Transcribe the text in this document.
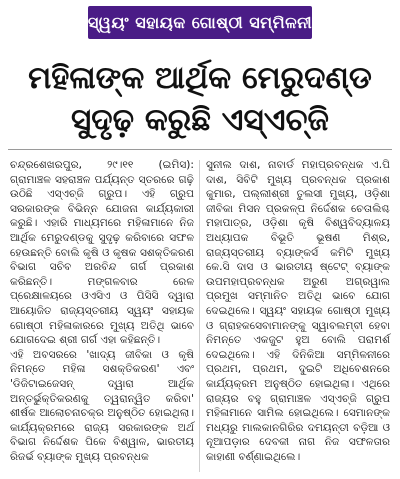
ସ୍ୱୟଂ ସହାୟକ ଗୋଷ୍ଠୀ ସମ୍ମିଳନୀ
ମହିଳାଙ୍କ ଆର୍ଥିକ ମେରୁଦଣ୍ଡ
ସୁଦୃଢ଼ କରୁଛି ଏସ୍‌ଏଚ୍‌ଜି

ଚନ୍ଦ୍ରଶେଖରପୁର, ୨୯।୧୧ (ଇମିସ): ଗ୍ରାମାଞ୍ଚଳ ସହରାଞ୍ଚଳ ପର୍ଯ୍ୟନ୍ତ ସ୍ତରରେ ଗଢ଼ି ଉଠିଛି ଏସ୍‌ଏଚ୍‌ଜି ଗ୍ରୁପ। ଏହି ଗ୍ରୁପ ସରକାରଙ୍କ ବିଭିନ୍ନ ଯୋଜନା କାର୍ଯ୍ୟକାରୀ କରୁଛି। ଏହାରି ମାଧ୍ୟମରେ ମହିଳାମାନେ ନିଜ ଆର୍ଥିକ ମେରୁଦଣ୍ଡକୁ ସୁଦୃଢ଼ କରିବାରେ ସଫଳ ହେଉଛନ୍ତି ବୋଲି କୃଷି ଓ କୃଷକ ସଶକ୍ତିକରଣ ବିଭାଗ ସଚିବ ଅରବିନ୍ଦ ଗର୍ଗ ପ୍ରକାଶ କରିଛନ୍ତି। ମଙ୍ଗଳବାର ରେଳ ପ୍ରେକ୍ଷାଳୟରେ ଓଏସିଏ ଓ ପିସିସି ଦ୍ୱାରା ଆୟୋଜିତ ରାଜ୍ୟସ୍ତରୀୟ ସ୍ୱୟଂ ସହାୟକ ଗୋଷ୍ଠୀ ମହିଳାକାରରେ ମୁଖ୍ୟ ଅତିଥି ଭାବେ ଯୋଗଦେଇ ଶ୍ରୀ ଗର୍ଗ ଏହା କହିଛନ୍ତି।

ଏହି ଅବସରରେ 'ଖାଦ୍ୟ ଜୀବିକା ଓ କୃଷି ନିମନ୍ତେ ମହିଳା ସଶକ୍ତିକରଣ' ଏବଂ 'ଡିଜିଟାଇଜେସନ୍ ଦ୍ୱାରା ଆର୍ଥିକ ଅନ୍ତର୍ଭୁକ୍ତିକରଣକୁ ତ୍ୱରାନ୍ୱିତ କରିବା' ଶୀର୍ଷକ ଆଲୋଚନାଚକ୍ର ଅନୁଷ୍ଠିତ ହୋଇଥିଲା। କାର୍ଯ୍ୟକ୍ରମରେ ରାଜ୍ୟ ସରକାରଙ୍କ ଅର୍ଥ ବିଭାଗ ନିର୍ଦ୍ଦେଶକ ପିକେ ବିଶ୍ୱାଳ, ଭାରତୀୟ ରିଜର୍ଭ ବ୍ୟାଙ୍କ ମୁଖ୍ୟ ପ୍ରବନ୍ଧକ

ସୁନୀଲ ଦାଶ, ନାବାର୍ଡ ମହାପ୍ରବନ୍ଧକ ଏ.ପି ଦାଶ, ସିବିଟି ମୁଖ୍ୟ ପ୍ରବନ୍ଧକ ପ୍ରକାଶ କୁମାର, ପଲ୍ଲୀଶ୍ରୀ ତୁଲସୀ ମୁଖ୍ୟ, ଓଡ଼ିଶା ଜୀବିକା ମିସନ ପ୍ରକଳ୍ପ ନିର୍ଦ୍ଦେଶକ ଚେତାଲିଶ୍ଚ ମହାପାତ୍ର, ଓଡ଼ିଶା କୃଷି ବିଶ୍ୱବିଦ୍ୟାଳୟ ଅଧ୍ୟାପକ ବିଭୂତି ଭୂଷଣ ମିଶ୍ର, ରାଜ୍ୟସ୍ତରୀୟ ବ୍ୟାଙ୍କର୍ସ କମିଟି ମୁଖ୍ୟ କେ.ସି ଦାସ ଓ ଭାରତୀୟ ଷ୍ଟେଟ୍ ବ୍ୟାଙ୍କ ଉପମହାପ୍ରବନ୍ଧକ ଅରୁଣ ଅଗ୍ରୱାଲ ପ୍ରମୁଖ ସମ୍ମାନିତ ଅତିଥି ଭାବେ ଯୋଗ ଦେଇଥିଲେ। ସ୍ୱୟଂ ସହାୟକ ଗୋଷ୍ଠୀ ମୁଖ୍ୟ ଓ ଗ୍ରାହକସେବାମାନଙ୍କୁ ସ୍ୱାବଲମ୍ବୀ ହେବା ନିମନ୍ତେ ଏକଜୁଟ ହୁଅ ବୋଲି ପରାମର୍ଶ ଦେଇଥିଲେ। ଏହି ଦିନିକିଆ ସମ୍ମିଳନୀରେ ପ୍ରଥମ, ପ୍ରଥମ, ଦୁଇଟି ଅଧିବେଶନରେ କାର୍ଯ୍ୟକ୍ରମ ଅନୁଷ୍ଠିତ ହୋଇଥିଲା। ଏଥିରେ ରାଜ୍ୟର ବହୁ ଗ୍ରାମାଞ୍ଚଳ ଏସ୍‌ଏଚ୍‌ଜି ଗ୍ରୁପ ମହିଳାମାନେ ସାମିଲ ହୋଇଥିଲେ। ସେମାନଙ୍କ ମଧ୍ୟରୁ ମାଲକାନଗିରିର ଦମୟନ୍ତୀ ବଡ଼ିଆ ଓ ନୂଆପଡ଼ାର ଦେବକୀ ନାଗ ନିଜ ସଫଳତାର କାହାଣୀ ବର୍ଣ୍ଣାଇଥିଲେ।
